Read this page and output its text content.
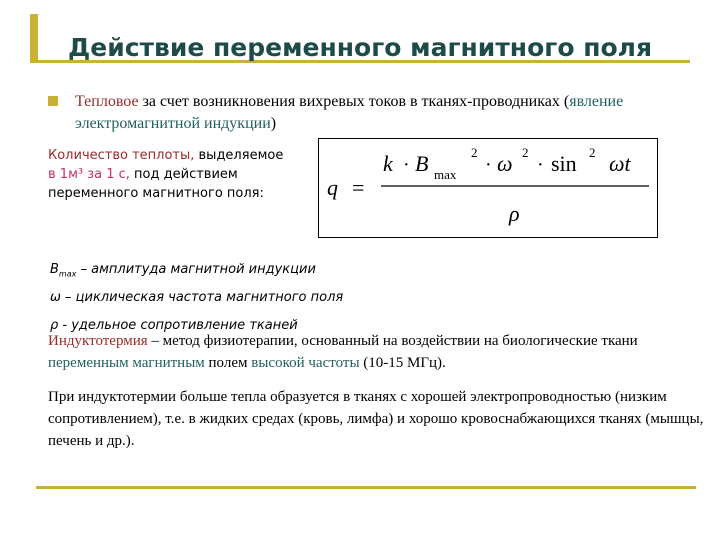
Действие переменного магнитного поля
Тепловое за счет возникновения вихревых токов в тканях-проводниках (явление электромагнитной индукции)
Количество теплоты, выделяемое в 1м³ за 1 с, под действием переменного магнитного поля:	q =
k · B max
2
· ω 2
· sin 2 ωt
ρ
$B_{max}$ – амплитуда магнитной индукции
ω – циклическая частота магнитного поля
ρ - удельное сопротивление тканей
Индуктотермия – метод физиотерапии, основанный на воздействии на биологические ткани переменным магнитным полем высокой частоты (10-15 МГц).
При индуктотермии больше тепла образуется в тканях с хорошей электропроводностью (низким сопротивлением), т.е. в жидких средах (кровь, лимфа) и хорошо кровоснабжающихся тканях (мышцы, печень и др.).
